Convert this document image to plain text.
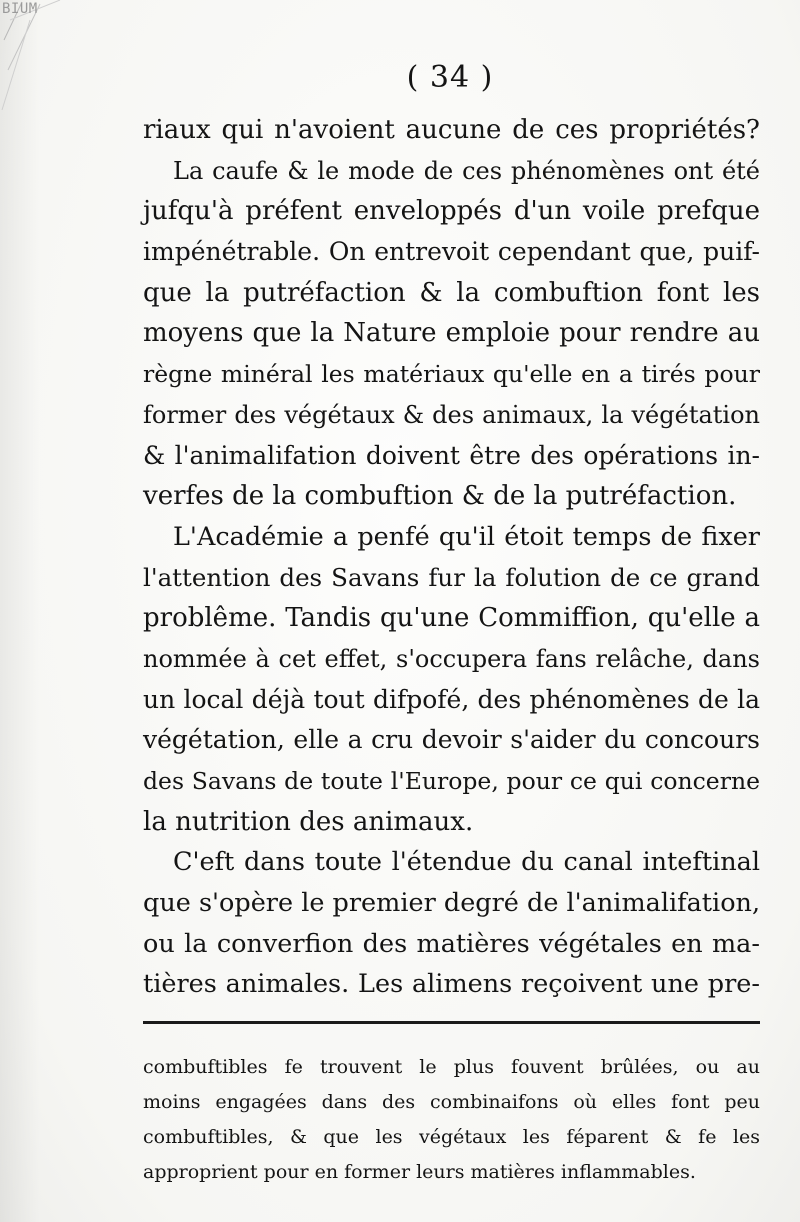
BIUM
( 34 )
riaux qui n'avoient aucune de ces propriétés?
La caufe & le mode de ces phénomènes ont été
jufqu'à préfent enveloppés d'un voile prefque
impénétrable. On entrevoit cependant que, puif-
que la putréfaction & la combuftion font les
moyens que la Nature emploie pour rendre au
règne minéral les matériaux qu'elle en a tirés pour
former des végétaux & des animaux, la végétation
& l'animalifation doivent être des opérations in-
verfes de la combuftion & de la putréfaction.
L'Académie a penfé qu'il étoit temps de fixer
l'attention des Savans fur la folution de ce grand
problême. Tandis qu'une Commiffion, qu'elle a
nommée à cet effet, s'occupera fans relâche, dans
un local déjà tout difpofé, des phénomènes de la
végétation, elle a cru devoir s'aider du concours
des Savans de toute l'Europe, pour ce qui concerne
la nutrition des animaux.
C'eft dans toute l'étendue du canal inteftinal
que s'opère le premier degré de l'animalifation,
ou la converfion des matières végétales en ma-
tières animales. Les alimens reçoivent une pre-
combuftibles fe trouvent le plus fouvent brûlées, ou au
moins engagées dans des combinaifons où elles font peu
combuftibles, & que les végétaux les féparent & fe les
approprient pour en former leurs matières inflammables.
